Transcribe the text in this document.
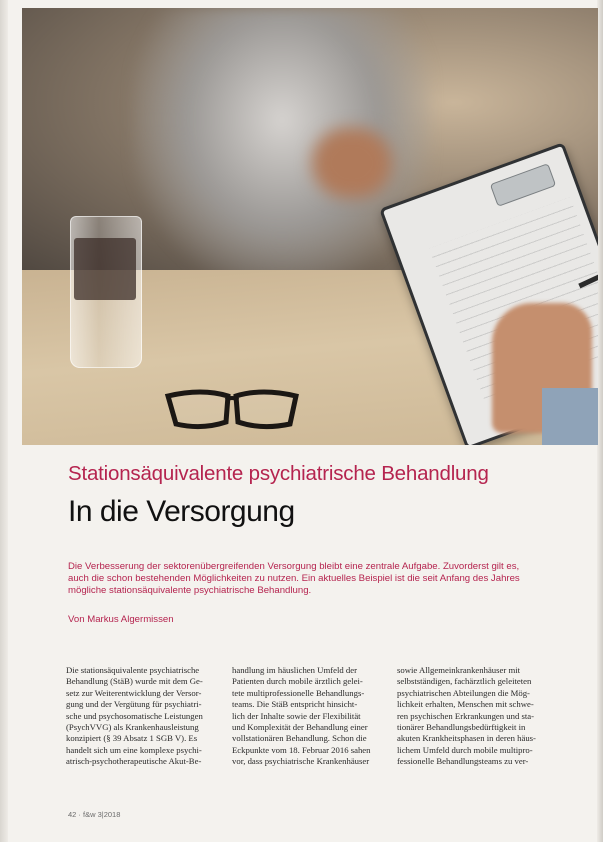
Stationsäquivalente psychiatrische Behandlung
In die Versorgung
Die Verbesserung der sektorenübergreifenden Versorgung bleibt eine zentrale Aufgabe. Zuvorderst gilt es,
auch die schon bestehenden Möglichkeiten zu nutzen. Ein aktuelles Beispiel ist die seit Anfang des Jahres
mögliche stationsäquivalente psychiatrische Behandlung.
Von Markus Algermissen
Die stationsäquivalente psychiatrische
Behandlung (StäB) wurde mit dem Ge-
setz zur Weiterentwicklung der Versor-
gung und der Vergütung für psychiatri-
sche und psychosomatische Leistungen
(PsychVVG) als Krankenhausleistung
konzipiert (§ 39 Absatz 1 SGB V). Es
handelt sich um eine komplexe psychi-
atrisch-psychotherapeutische Akut-Be-
handlung im häuslichen Umfeld der
Patienten durch mobile ärztlich gelei-
tete multiprofessionelle Behandlungs-
teams. Die StäB entspricht hinsicht-
lich der Inhalte sowie der Flexibilität
und Komplexität der Behandlung einer
vollstationären Behandlung. Schon die
Eckpunkte vom 18. Februar 2016 sahen
vor, dass psychiatrische Krankenhäuser
sowie Allgemeinkrankenhäuser mit
selbstständigen, fachärztlich geleiteten
psychiatrischen Abteilungen die Mög-
lichkeit erhalten, Menschen mit schwe-
ren psychischen Erkrankungen und sta-
tionärer Behandlungsbedürftigkeit in
akuten Krankheitsphasen in deren häus-
lichem Umfeld durch mobile multipro-
fessionelle Behandlungsteams zu ver-
42 · f&w 3|2018
